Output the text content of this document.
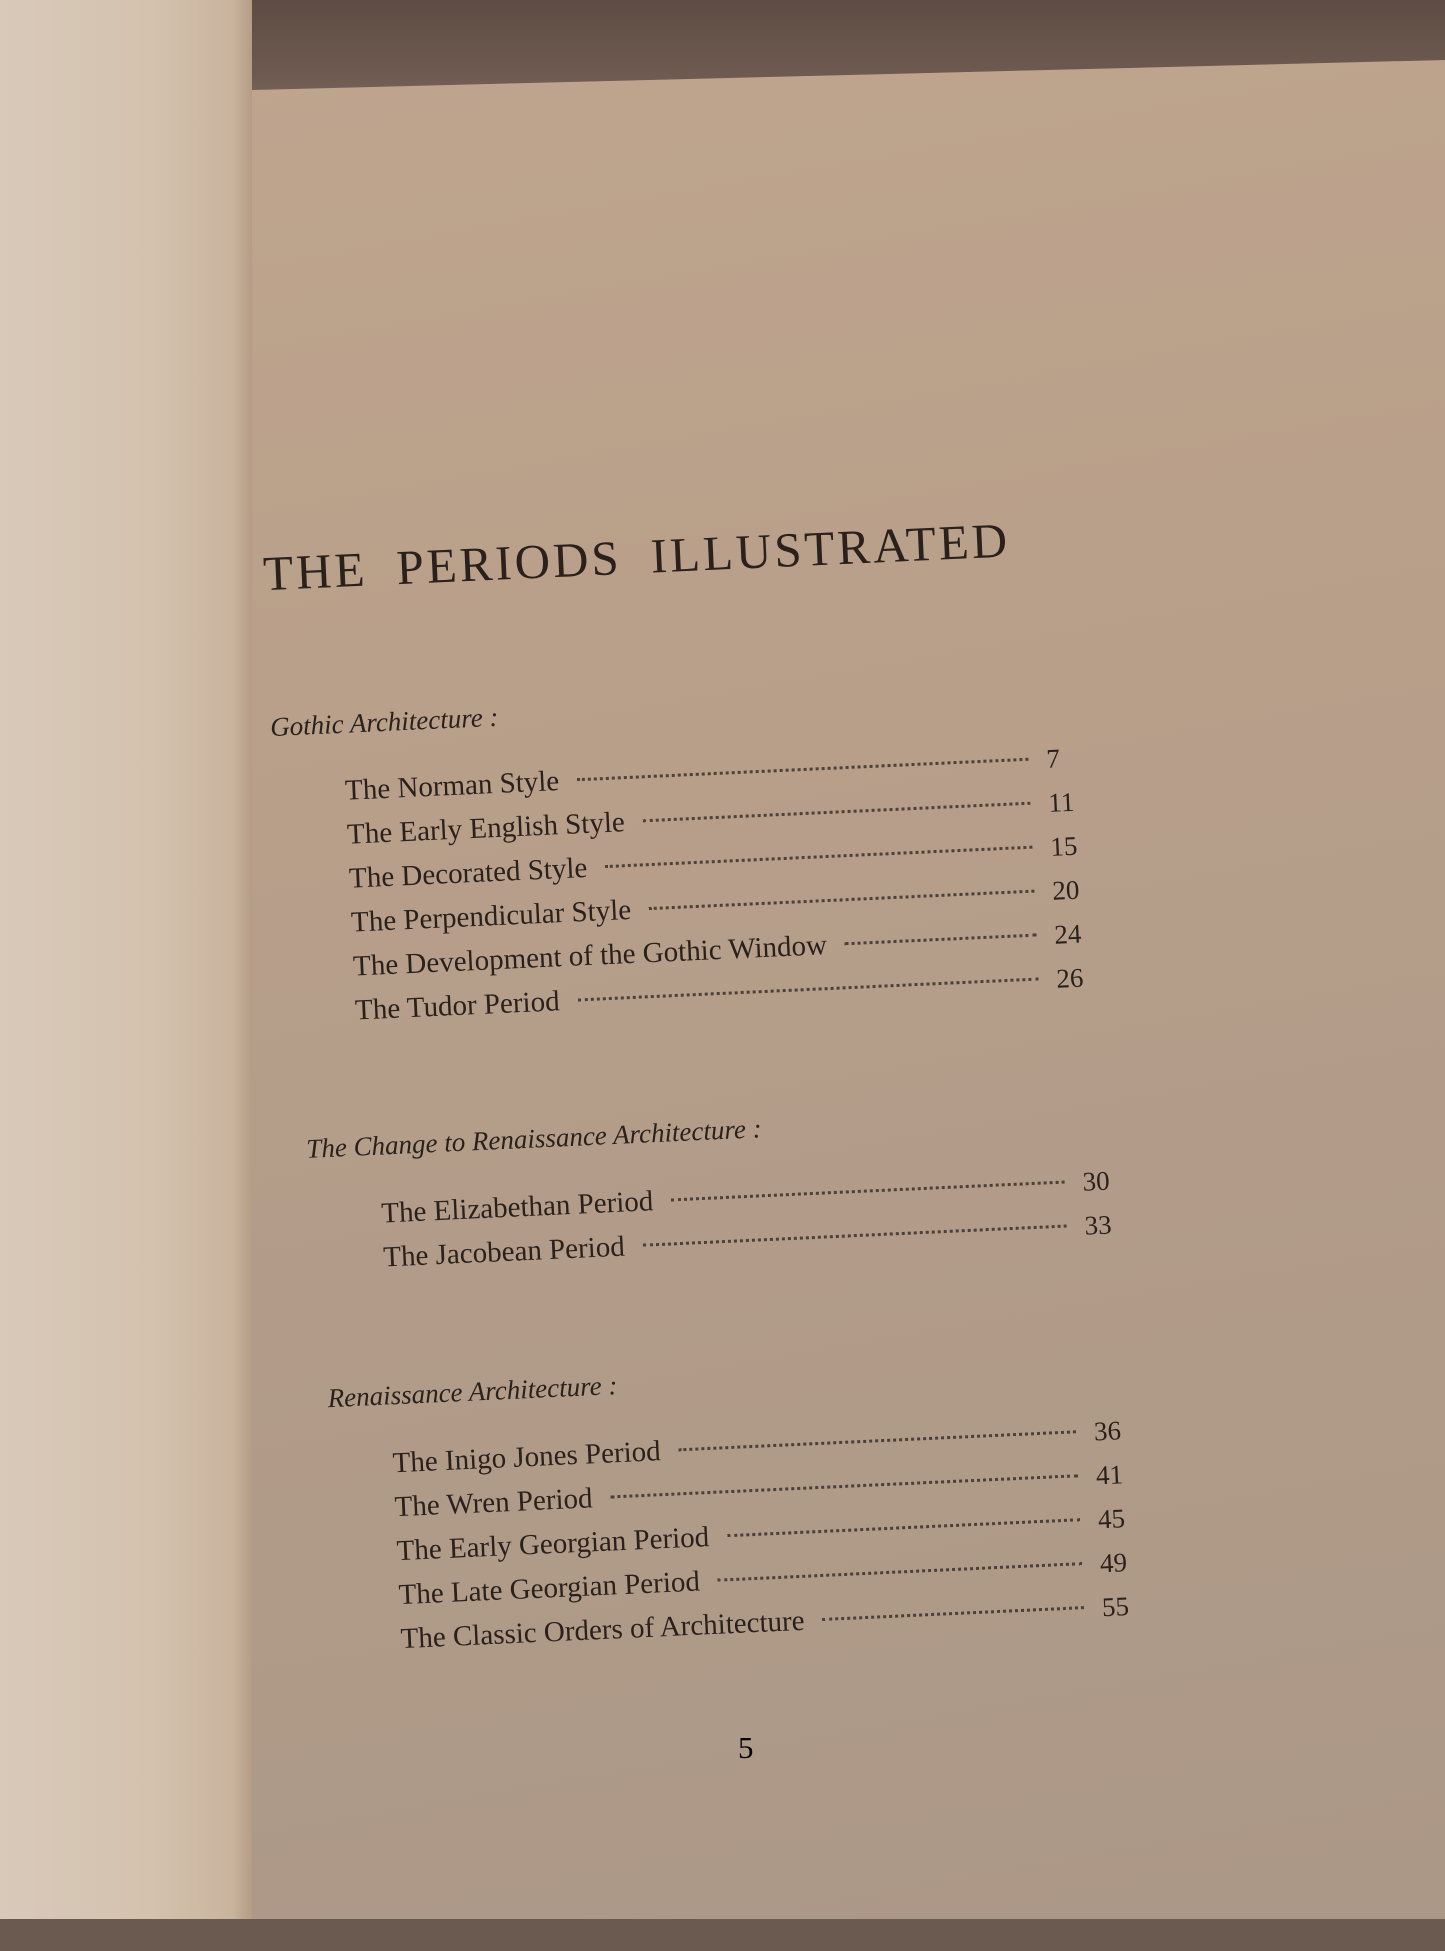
THE PERIODS ILLUSTRATED
Gothic Architecture :
The Norman Style
7
The Early English Style
11
The Decorated Style
15
The Perpendicular Style
20
The Development of the Gothic Window	24
The Tudor Period
26
The Change to Renaissance Architecture :
The Elizabethan Period
30
The Jacobean Period
33
Renaissance Architecture :
The Inigo Jones Period
36
The Wren Period
41
The Early Georgian Period
45
The Late Georgian Period
49
The Classic Orders of Architecture	55

5
